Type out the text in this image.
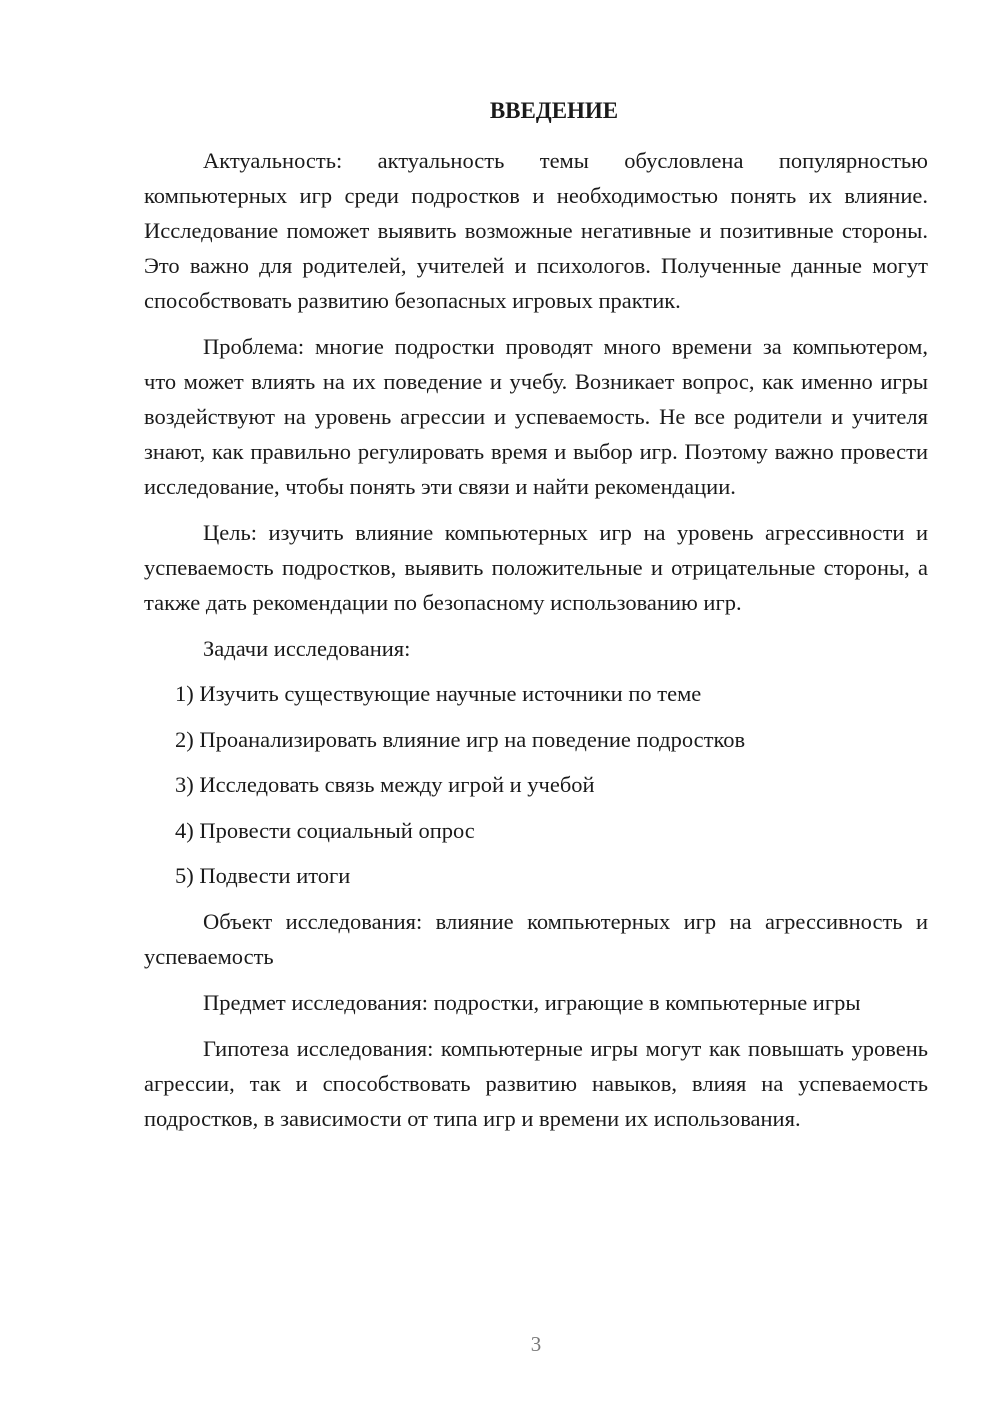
ВВЕДЕНИЕ

Актуальность: актуальность темы обусловлена популярностью компьютерных игр среди подростков и необходимостью понять их влияние. Исследование поможет выявить возможные негативные и позитивные стороны. Это важно для родителей, учителей и психологов. Полученные данные могут способствовать развитию безопасных игровых практик.

Проблема: многие подростки проводят много времени за компьютером, что может влиять на их поведение и учебу. Возникает вопрос, как именно игры воздействуют на уровень агрессии и успеваемость. Не все родители и учителя знают, как правильно регулировать время и выбор игр. Поэтому важно провести исследование, чтобы понять эти связи и найти рекомендации.

Цель: изучить влияние компьютерных игр на уровень агрессивности и успеваемость подростков, выявить положительные и отрицательные стороны, а также дать рекомендации по безопасному использованию игр.

Задачи исследования:

1) Изучить существующие научные источники по теме
2) Проанализировать влияние игр на поведение подростков
3) Исследовать связь между игрой и учебой
4) Провести социальный опрос
5) Подвести итоги

Объект исследования: влияние компьютерных игр на агрессивность и успеваемость

Предмет исследования: подростки, играющие в компьютерные игры

Гипотеза исследования: компьютерные игры могут как повышать уровень агрессии, так и способствовать развитию навыков, влияя на успеваемость подростков, в зависимости от типа игр и времени их использования.

3
